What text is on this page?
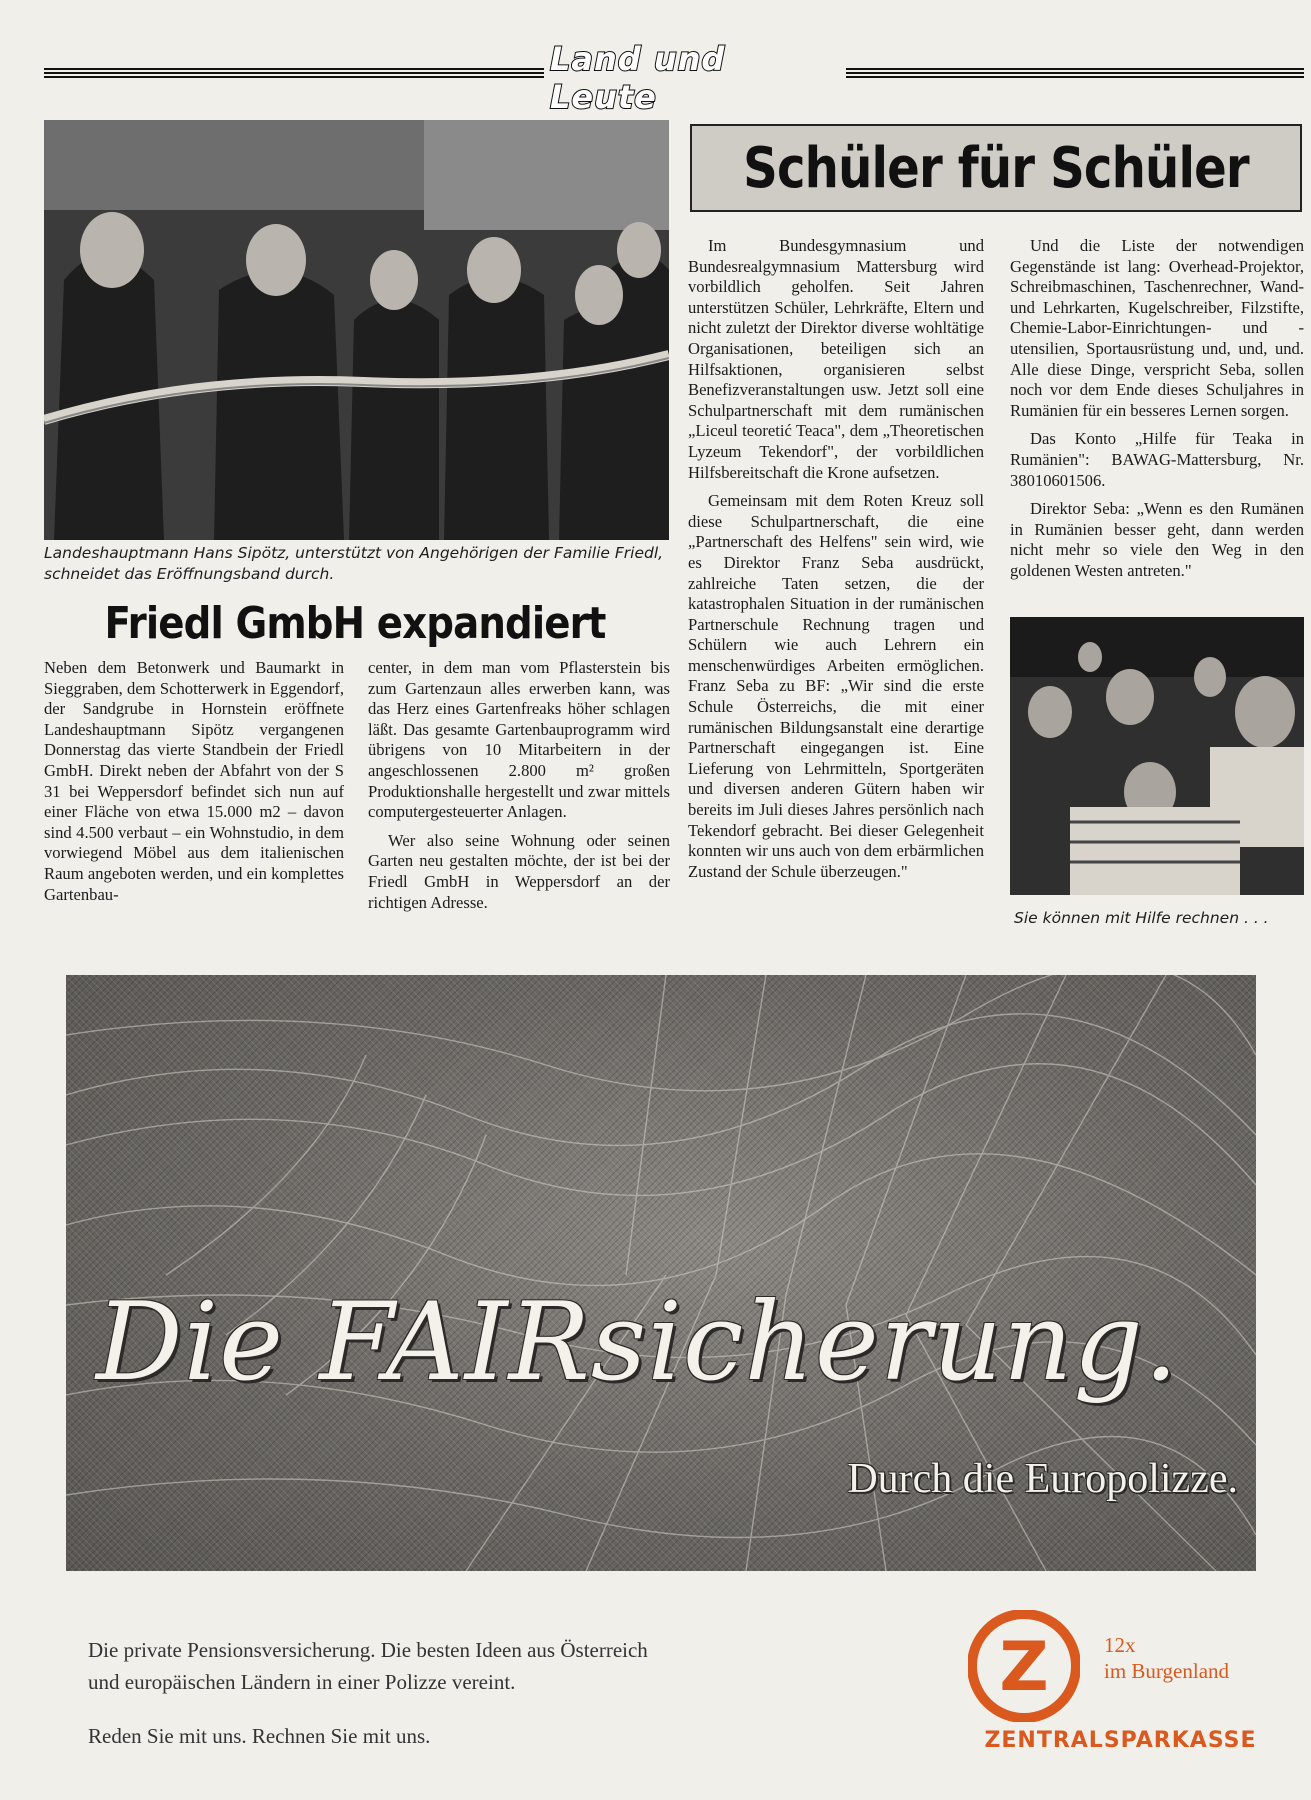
Land und Leute
Landeshauptmann Hans Sipötz, unterstützt von Angehörigen der Familie Friedl, schneidet das Eröffnungsband durch.
Friedl GmbH expandiert

Neben dem Betonwerk und Baumarkt in Sieggraben, dem Schotterwerk in Eggendorf, der Sandgrube in Hornstein eröffnete Landeshauptmann Sipötz vergangenen Donnerstag das vierte Standbein der Friedl GmbH. Direkt neben der Abfahrt von der S 31 bei Weppersdorf befindet sich nun auf einer Fläche von etwa 15.000 m2 – davon sind 4.500 verbaut – ein Wohnstudio, in dem vorwiegend Möbel aus dem italienischen Raum angeboten werden, und ein komplettes Gartenbau-

center, in dem man vom Pflasterstein bis zum Gartenzaun alles erwerben kann, was das Herz eines Gartenfreaks höher schlagen läßt. Das gesamte Gartenbauprogramm wird übrigens von 10 Mitarbeitern in der angeschlossenen 2.800 m² großen Produktionshalle hergestellt und zwar mittels computergesteuerter Anlagen.

Wer also seine Wohnung oder seinen Garten neu gestalten möchte, der ist bei der Friedl GmbH in Weppersdorf an der richtigen Adresse.

Schüler für Schüler

Im Bundesgymnasium und Bundesrealgymnasium Mattersburg wird vorbildlich geholfen. Seit Jahren unterstützen Schüler, Lehrkräfte, Eltern und nicht zuletzt der Direktor diverse wohltätige Organisationen, beteiligen sich an Hilfsaktionen, organisieren selbst Benefizveranstaltungen usw. Jetzt soll eine Schulpartnerschaft mit dem rumänischen „Liceul teoretić Teaca", dem „Theoretischen Lyzeum Tekendorf", der vorbildlichen Hilfsbereitschaft die Krone aufsetzen.

Gemeinsam mit dem Roten Kreuz soll diese Schulpartnerschaft, die eine „Partnerschaft des Helfens" sein wird, wie es Direktor Franz Seba ausdrückt, zahlreiche Taten setzen, die der katastrophalen Situation in der rumänischen Partnerschule Rechnung tragen und Schülern wie auch Lehrern ein menschenwürdiges Arbeiten ermöglichen. Franz Seba zu BF: „Wir sind die erste Schule Österreichs, die mit einer rumänischen Bildungsanstalt eine derartige Partnerschaft eingegangen ist. Eine Lieferung von Lehrmitteln, Sportgeräten und diversen anderen Gütern haben wir bereits im Juli dieses Jahres persönlich nach Tekendorf gebracht. Bei dieser Gelegenheit konnten wir uns auch von dem erbärmlichen Zustand der Schule überzeugen."

Und die Liste der notwendigen Gegenstände ist lang: Overhead-Projektor, Schreibmaschinen, Taschenrechner, Wand- und Lehrkarten, Kugelschreiber, Filzstifte, Chemie-Labor-Einrichtungen- und -utensilien, Sportausrüstung und, und, und. Alle diese Dinge, verspricht Seba, sollen noch vor dem Ende dieses Schuljahres in Rumänien für ein besseres Lernen sorgen.

Das Konto „Hilfe für Teaka in Rumänien": BAWAG-Mattersburg, Nr. 38010601506.

Direktor Seba: „Wenn es den Rumänen in Rumänien besser geht, dann werden nicht mehr so viele den Weg in den goldenen Westen antreten."

Sie können mit Hilfe rechnen . . .
Die FAIRsicherung.
Durch die Europolizze.
Die private Pensionsversicherung. Die besten Ideen aus Österreich
und europäischen Ländern in einer Polizze vereint.
Reden Sie mit uns. Rechnen Sie mit uns.
Z	12x
im Burgenland
ZENTRALSPARKASSE
